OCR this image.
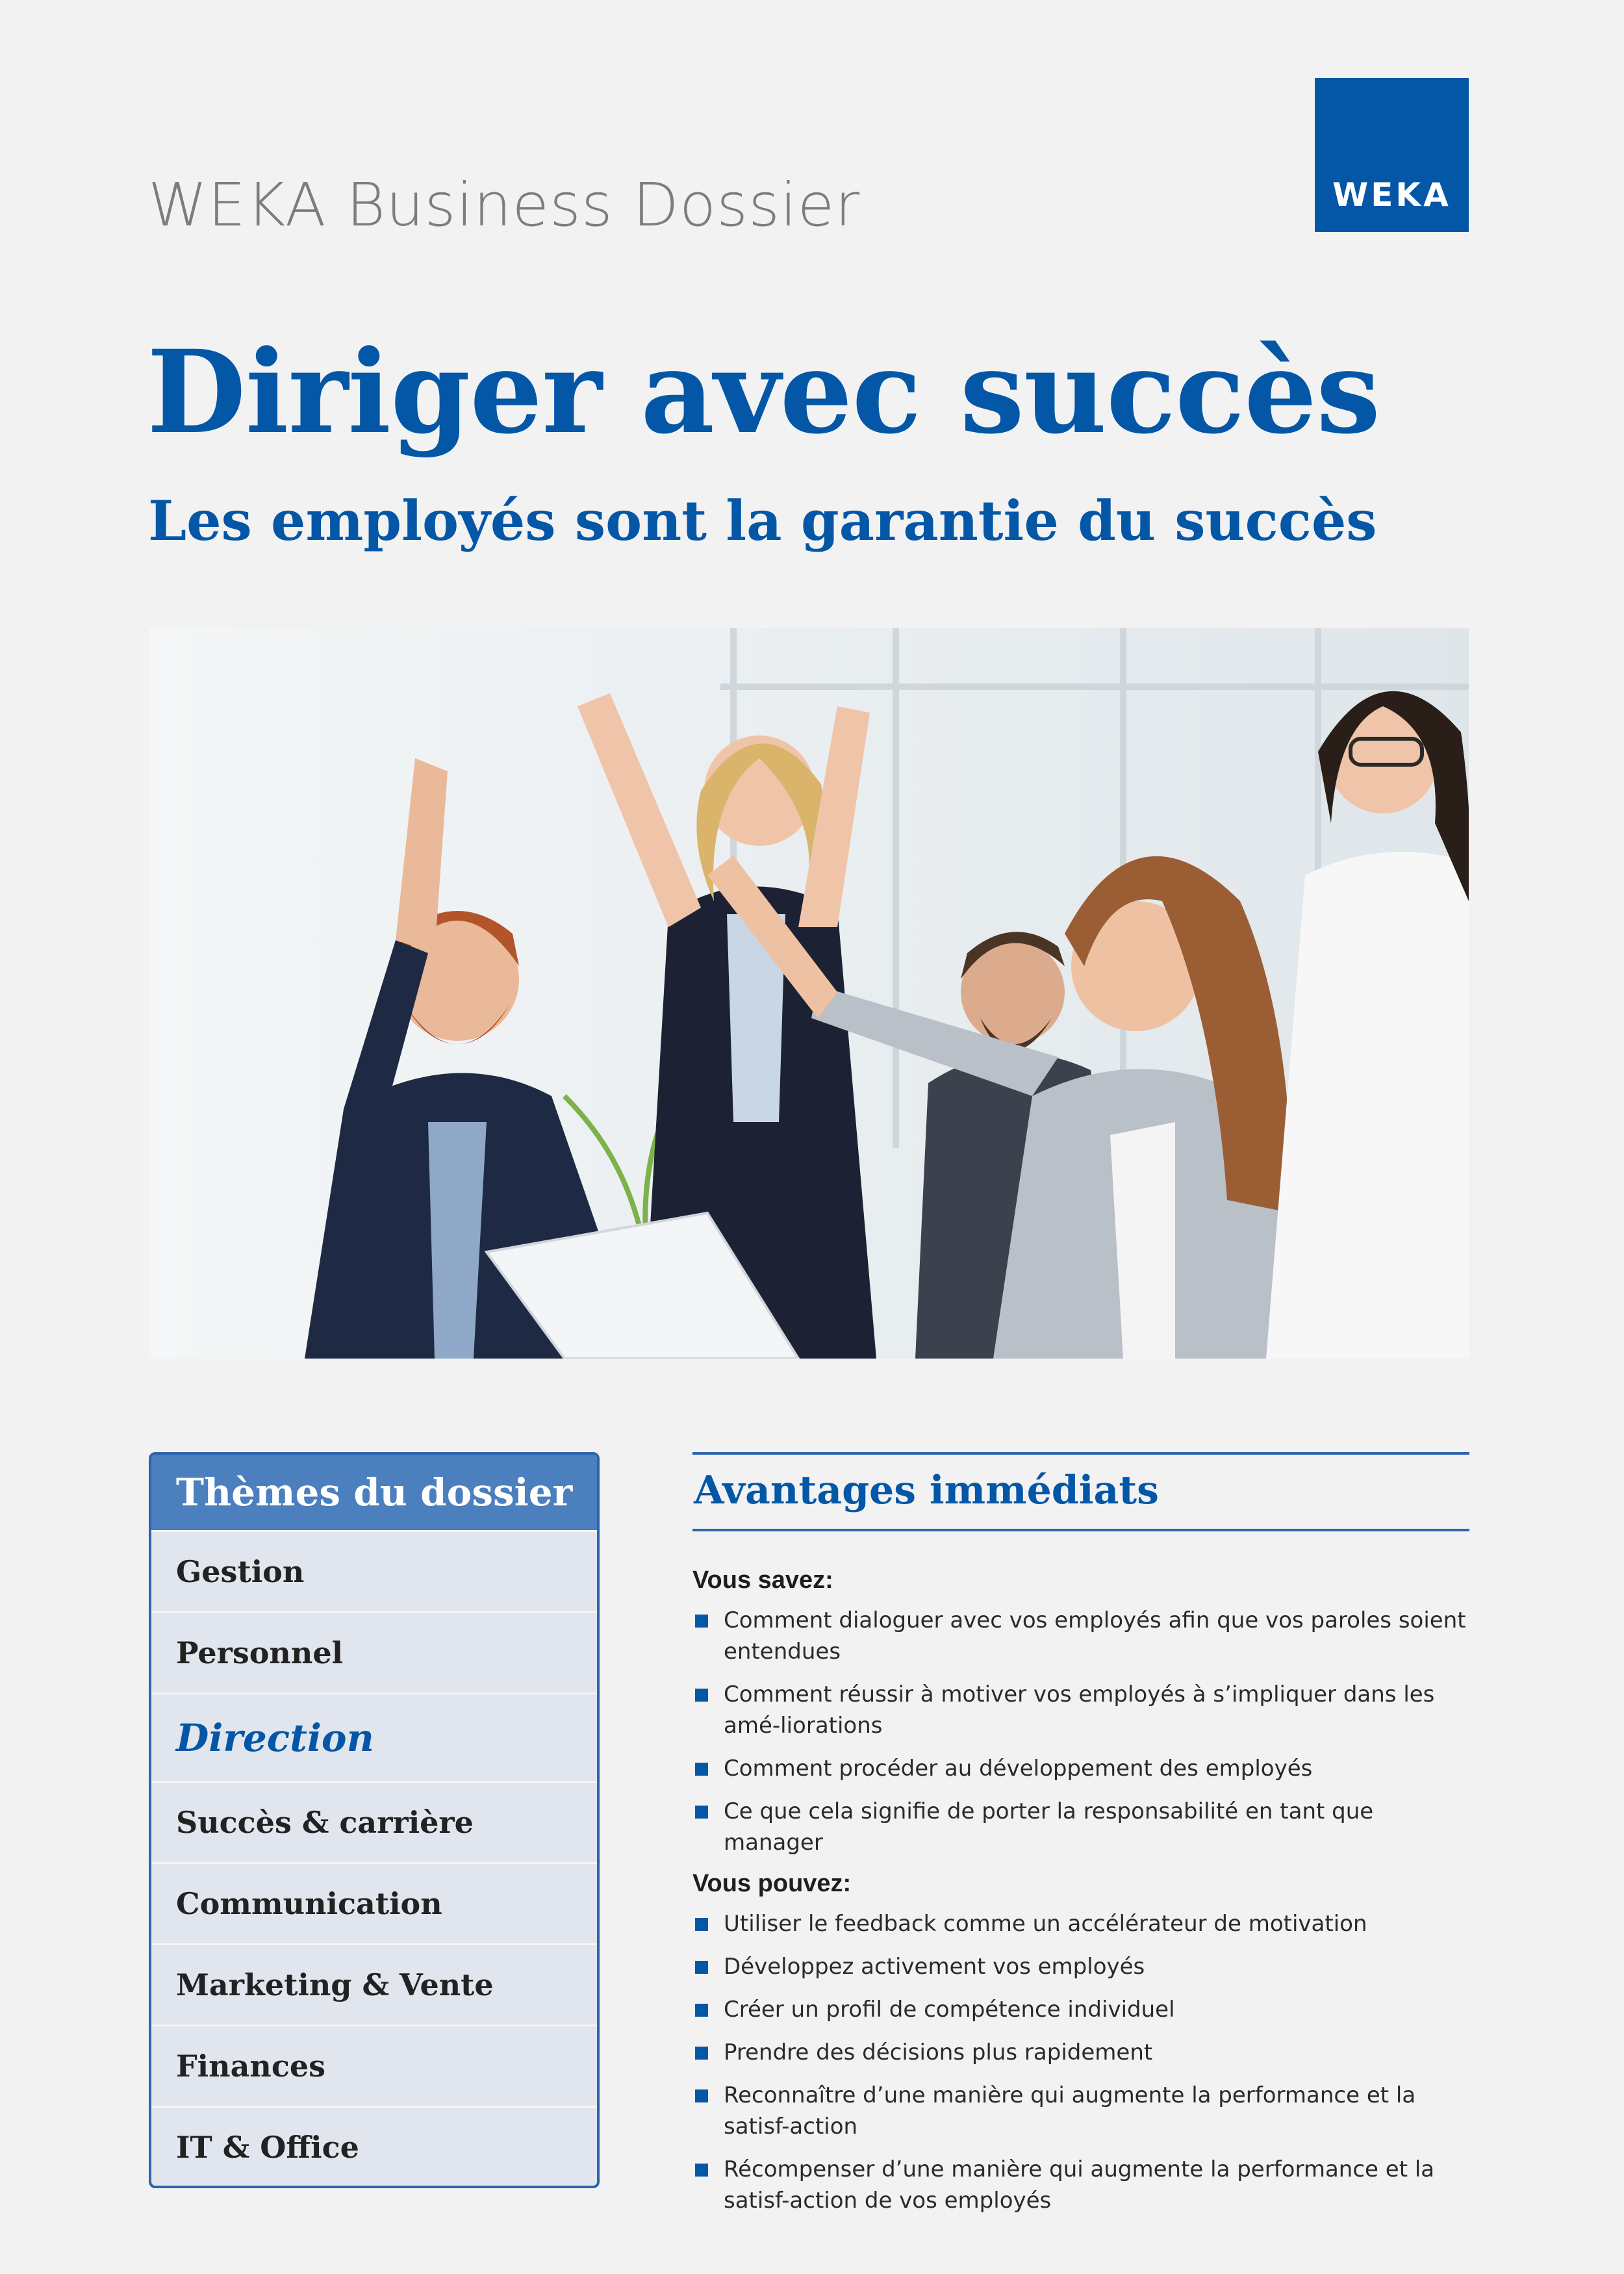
WEKA Business Dossier	WEKA
Diriger avec succès
Les employés sont la garantie du succès
Thèmes du dossier
Gestion
Personnel
Direction
Succès & carrière
Communication
Marketing & Vente
Finances
IT & Office
Avantages immédiats
Vous savez:
Comment dialoguer avec vos employés afin que vos paroles soient entendues
Comment réussir à motiver vos employés à s’impliquer dans les amé-liorations
Comment procéder au développement des employés
Ce que cela signifie de porter la responsabilité en tant que manager
Vous pouvez:
Utiliser le feedback comme un accélérateur de motivation
Développez activement vos employés
Créer un profil de compétence individuel
Prendre des décisions plus rapidement
Reconnaître d’une manière qui augmente la performance et la satisf-action
Récompenser d’une manière qui augmente la performance et la satisf-action de vos employés
